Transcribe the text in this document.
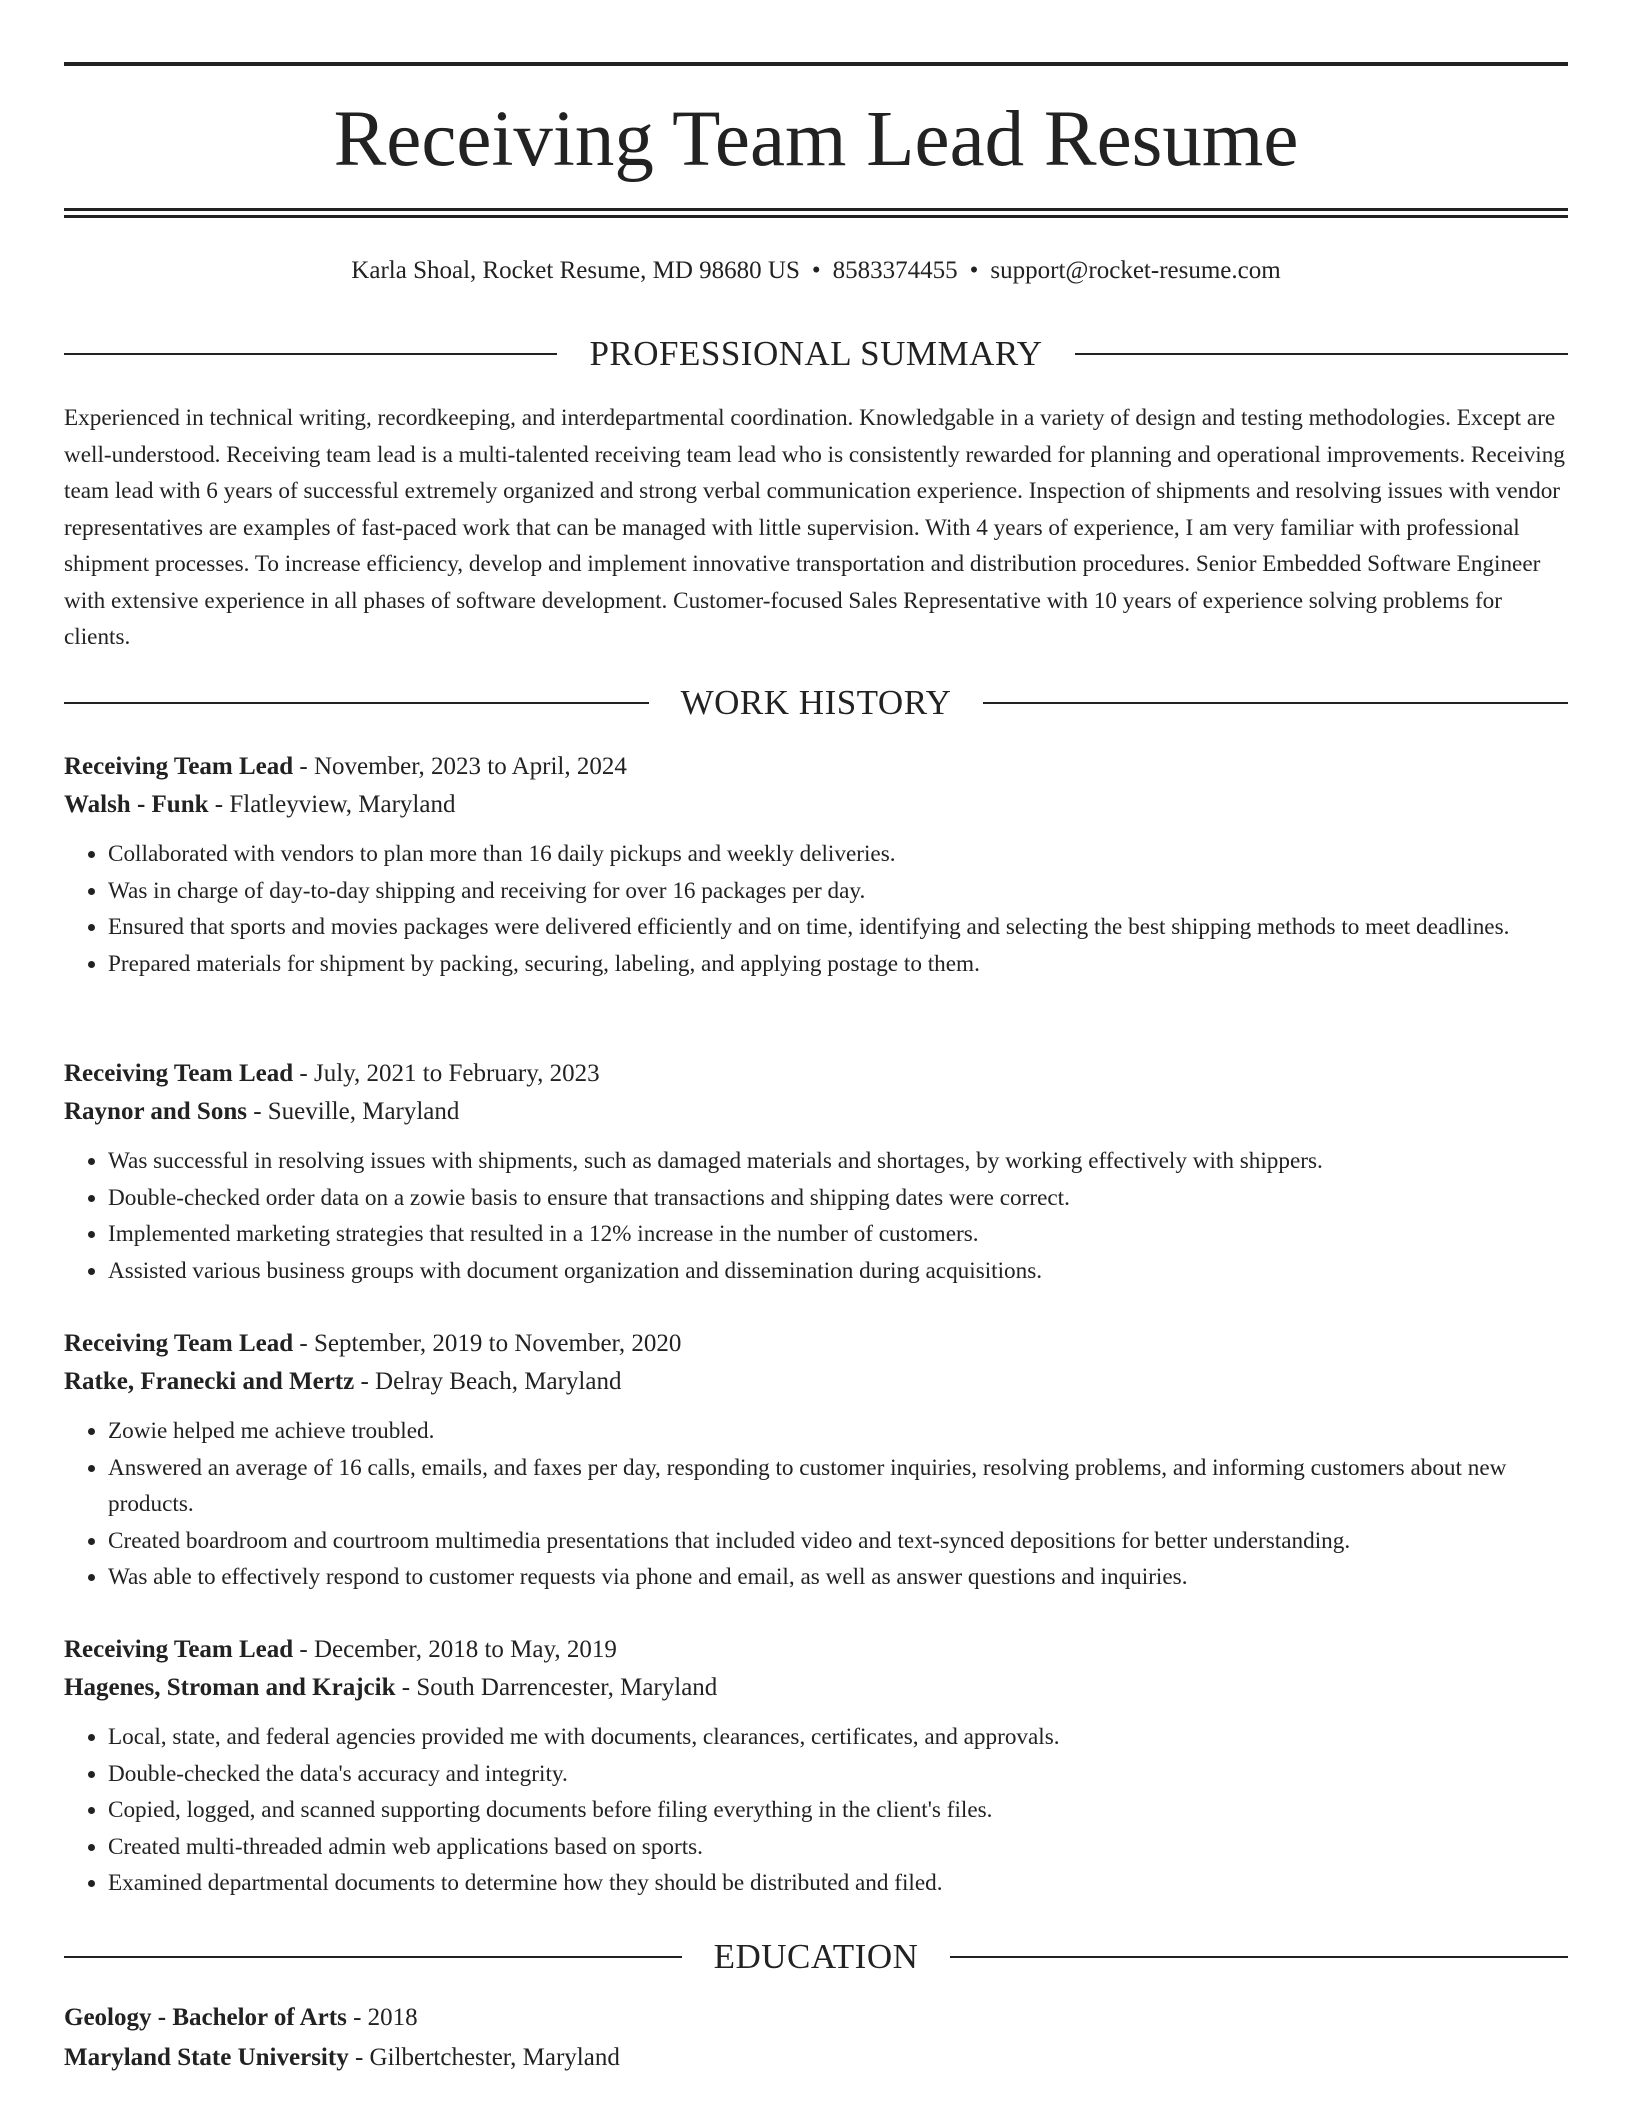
Receiving Team Lead Resume
Karla Shoal, Rocket Resume, MD 98680 US • 8583374455 • support@rocket-resume.com
PROFESSIONAL SUMMARY

Experienced in technical writing, recordkeeping, and interdepartmental coordination. Knowledgable in a variety of design and testing methodologies. Except are well-understood. Receiving team lead is a multi-talented receiving team lead who is consistently rewarded for planning and operational improvements. Receiving team lead with 6 years of successful extremely organized and strong verbal communication experience. Inspection of shipments and resolving issues with vendor representatives are examples of fast-paced work that can be managed with little supervision. With 4 years of experience, I am very familiar with professional shipment processes. To increase efficiency, develop and implement innovative transportation and distribution procedures. Senior Embedded Software Engineer with extensive experience in all phases of software development. Customer-focused Sales Representative with 10 years of experience solving problems for clients.

WORK HISTORY
Receiving Team Lead - November, 2023 to April, 2024
Walsh - Funk - Flatleyview, Maryland
• Collaborated with vendors to plan more than 16 daily pickups and weekly deliveries.
• Was in charge of day-to-day shipping and receiving for over 16 packages per day.
• Ensured that sports and movies packages were delivered efficiently and on time, identifying and selecting the best shipping methods to meet deadlines.
• Prepared materials for shipment by packing, securing, labeling, and applying postage to them.
Receiving Team Lead - July, 2021 to February, 2023
Raynor and Sons - Sueville, Maryland
• Was successful in resolving issues with shipments, such as damaged materials and shortages, by working effectively with shippers.
• Double-checked order data on a zowie basis to ensure that transactions and shipping dates were correct.
• Implemented marketing strategies that resulted in a 12% increase in the number of customers.
• Assisted various business groups with document organization and dissemination during acquisitions.
Receiving Team Lead - September, 2019 to November, 2020
Ratke, Franecki and Mertz - Delray Beach, Maryland
• Zowie helped me achieve troubled.
• Answered an average of 16 calls, emails, and faxes per day, responding to customer inquiries, resolving problems, and informing customers about new products.
• Created boardroom and courtroom multimedia presentations that included video and text-synced depositions for better understanding.
• Was able to effectively respond to customer requests via phone and email, as well as answer questions and inquiries.
Receiving Team Lead - December, 2018 to May, 2019
Hagenes, Stroman and Krajcik - South Darrencester, Maryland
• Local, state, and federal agencies provided me with documents, clearances, certificates, and approvals.
• Double-checked the data's accuracy and integrity.
• Copied, logged, and scanned supporting documents before filing everything in the client's files.
• Created multi-threaded admin web applications based on sports.
• Examined departmental documents to determine how they should be distributed and filed.
EDUCATION
Geology - Bachelor of Arts - 2018
Maryland State University - Gilbertchester, Maryland
